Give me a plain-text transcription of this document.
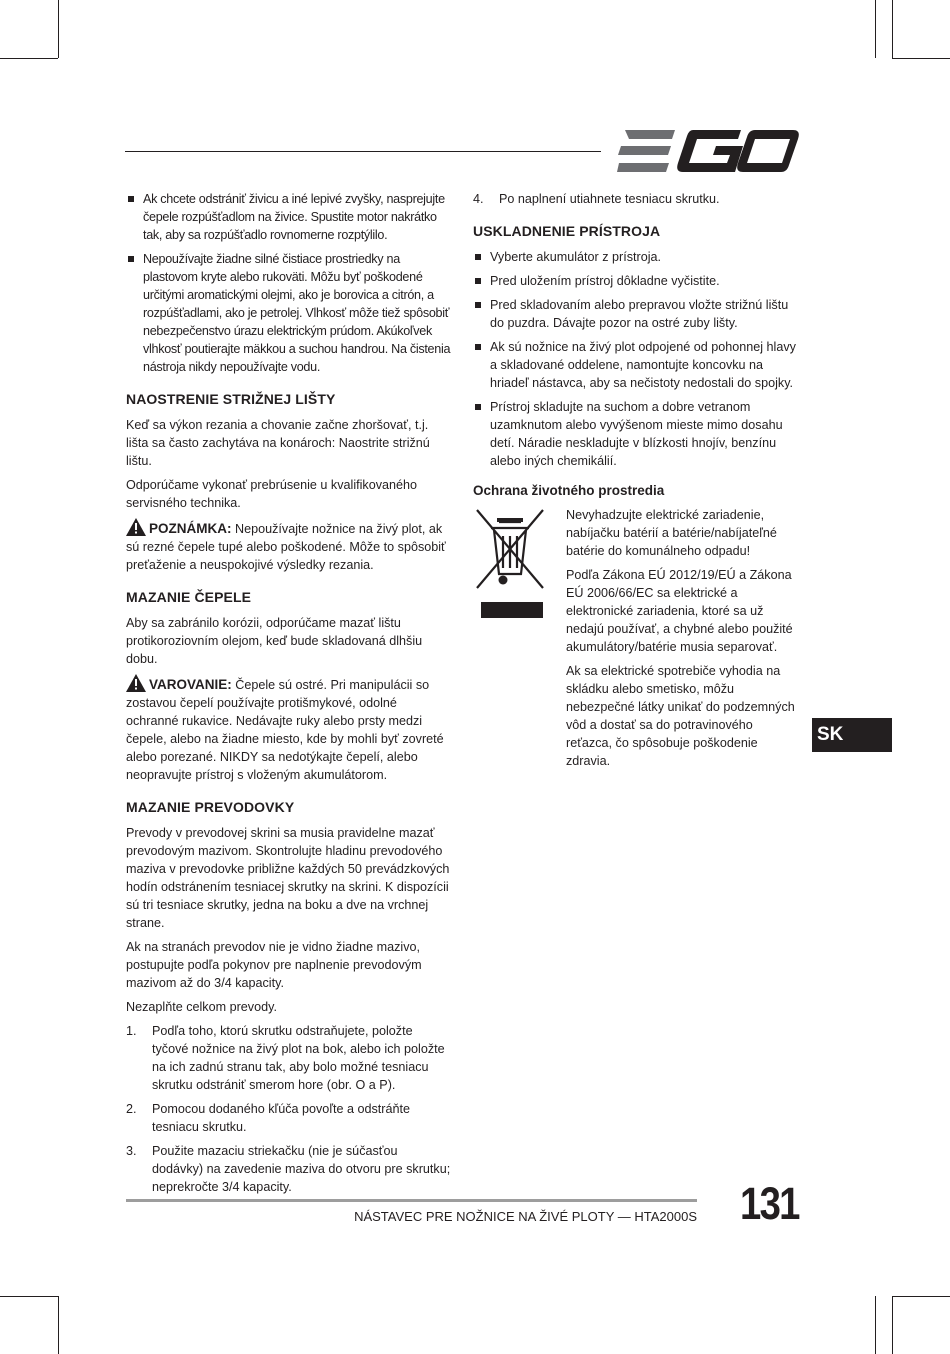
Ak chcete odstrániť živicu a iné lepivé zvyšky, nasprejujte čepele rozpúšťadlom na živice. Spustite motor nakrátko tak, aby sa rozpúšťadlo rovnomerne rozptýlilo.
Nepoužívajte žiadne silné čistiace prostriedky na plastovom kryte alebo rukoväti. Môžu byť poškodené určitými aromatickými olejmi, ako je borovica a citrón, a rozpúšťadlami, ako je petrolej. Vlhkosť môže tiež spôsobiť nebezpečenstvo úrazu elektrickým prúdom. Akúkoľvek vlhkosť poutierajte mäkkou a suchou handrou. Na čistenia nástroja nikdy nepoužívajte vodu.
NAOSTRENIE STRIŽNEJ LIŠTY

Keď sa výkon rezania a chovanie začne zhoršovať, t.j. lišta sa často zachytáva na konároch: Naostrite strižnú lištu.

Odporúčame vykonať prebrúsenie u kvalifikovaného servisného technika.

POZNÁMKA: Nepoužívajte nožnice na živý plot, ak sú rezné čepele tupé alebo poškodené. Môže to spôsobiť preťaženie a neuspokojivé výsledky rezania.

MAZANIE ČEPELE

Aby sa zabránilo korózii, odporúčame mazať lištu protikoroziovním olejom, keď bude skladovaná dlhšiu dobu.

VAROVANIE: Čepele sú ostré. Pri manipulácii so zostavou čepelí používajte protišmykové, odolné ochranné rukavice. Nedávajte ruky alebo prsty medzi čepele, alebo na žiadne miesto, kde by mohli byť zovreté alebo porezané. NIKDY sa nedotýkajte čepelí, alebo neopravujte prístroj s vloženým akumulátorom.

MAZANIE PREVODOVKY

Prevody v prevodovej skrini sa musia pravidelne mazať prevodovým mazivom. Skontrolujte hladinu prevodového maziva v prevodovke približne každých 50 prevádzkových hodín odstránením tesniacej skrutky na skrini. K dispozícii sú tri tesniace skrutky, jedna na boku a dve na vrchnej strane.

Ak na stranách prevodov nie je vidno žiadne mazivo, postupujte podľa pokynov pre naplnenie prevodovým mazivom až do 3/4 kapacity.

Nezaplňte celkom prevody.

1. Podľa toho, ktorú skrutku odstraňujete, položte tyčové nožnice na živý plot na bok, alebo ich položte na ich zadnú stranu tak, aby bolo možné tesniacu skrutku odstrániť smerom hore (obr. O a P).
2. Pomocou dodaného kľúča povoľte a odstráňte tesniacu skrutku.
3. Použite mazaciu striekačku (nie je súčasťou dodávky) na zavedenie maziva do otvoru pre skrutku; neprekročte 3/4 kapacity.
4. Po naplnení utiahnete tesniacu skrutku.
USKLADNENIE PRÍSTROJA
Vyberte akumulátor z prístroja.
Pred uložením prístroj dôkladne vyčistite.
Pred skladovaním alebo prepravou vložte strižnú lištu do puzdra. Dávajte pozor na ostré zuby lišty.
Ak sú nožnice na živý plot odpojené od pohonnej hlavy a skladované oddelene, namontujte koncovku na hriadeľ nástavca, aby sa nečistoty nedostali do spojky.
Prístroj skladujte na suchom a dobre vetranom uzamknutom alebo vyvýšenom mieste mimo dosahu detí. Náradie neskladujte v blízkosti hnojív, benzínu alebo iných chemikálií.
Ochrana životného prostredia

Nevyhadzujte elektrické zariadenie, nabíjačku batérií a batérie/nabíjateľné batérie do komunálneho odpadu!

Podľa Zákona EÚ 2012/19/EÚ a Zákona EÚ 2006/66/EC sa elektrické a elektronické zariadenia, ktoré sa už nedajú používať, a chybné alebo použité akumulátory/batérie musia separovať.

Ak sa elektrické spotrebiče vyhodia na skládku alebo smetisko, môžu nebezpečné látky unikať do podzemných vôd a dostať sa do potravinového reťazca, čo spôsobuje poškodenie zdravia.

SK
NÁSTAVEC PRE NOŽNICE NA ŽIVÉ PLOTY — HTA2000S 131
